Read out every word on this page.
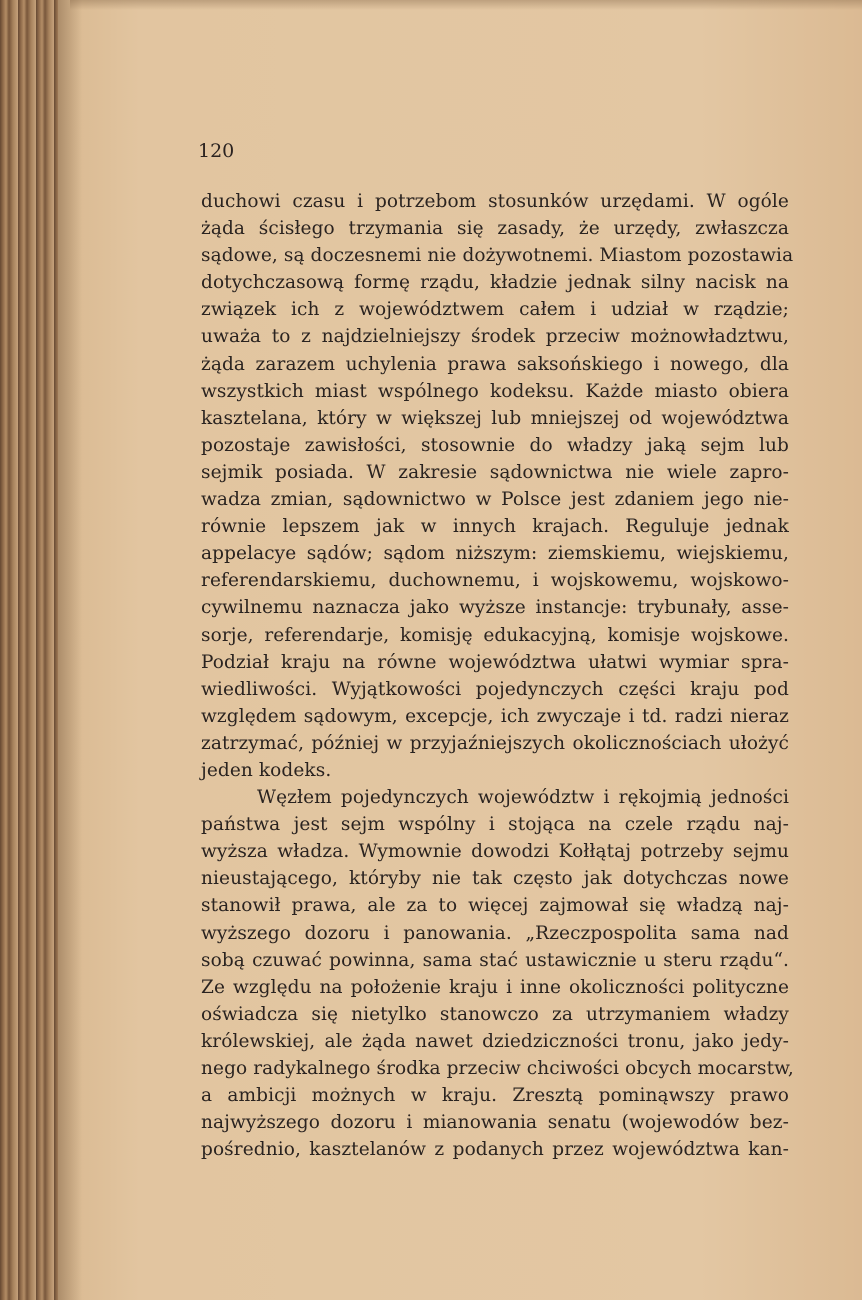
120
duchowi czasu i potrzebom stosunków urzędami. W ogóle
żąda ścisłego trzymania się zasady, że urzędy, zwłaszcza
sądowe, są doczesnemi nie dożywotnemi. Miastom pozostawia
dotychczasową formę rządu, kładzie jednak silny nacisk na
związek ich z województwem całem i udział w rządzie;
uważa to z najdzielniejszy środek przeciw możnowładztwu,
żąda zarazem uchylenia prawa saksońskiego i nowego, dla
wszystkich miast wspólnego kodeksu. Każde miasto obiera
kasztelana, który w większej lub mniejszej od województwa
pozostaje zawisłości, stosownie do władzy jaką sejm lub
sejmik posiada. W zakresie sądownictwa nie wiele zapro-
wadza zmian, sądownictwo w Polsce jest zdaniem jego nie-
równie lepszem jak w innych krajach. Reguluje jednak
appelacye sądów; sądom niższym: ziemskiemu, wiejskiemu,
referendarskiemu, duchownemu, i wojskowemu, wojskowo-
cywilnemu naznacza jako wyższe instancje: trybunały, asse-
sorje, referendarje, komisję edukacyjną, komisje wojskowe.
Podział kraju na równe województwa ułatwi wymiar spra-
wiedliwości. Wyjątkowości pojedynczych części kraju pod
względem sądowym, excepcje, ich zwyczaje i td. radzi nieraz
zatrzymać, później w przyjaźniejszych okolicznościach ułożyć
jeden kodeks.
Węzłem pojedynczych województw i rękojmią jedności
państwa jest sejm wspólny i stojąca na czele rządu naj-
wyższa władza. Wymownie dowodzi Kołłątaj potrzeby sejmu
nieustającego, któryby nie tak często jak dotychczas nowe
stanowił prawa, ale za to więcej zajmował się władzą naj-
wyższego dozoru i panowania. „Rzeczpospolita sama nad
sobą czuwać powinna, sama stać ustawicznie u steru rządu“.
Ze względu na położenie kraju i inne okoliczności polityczne
oświadcza się nietylko stanowczo za utrzymaniem władzy
królewskiej, ale żąda nawet dziedziczności tronu, jako jedy-
nego radykalnego środka przeciw chciwości obcych mocarstw,
a ambicji możnych w kraju. Zresztą pominąwszy prawo
najwyższego dozoru i mianowania senatu (wojewodów bez-
pośrednio, kasztelanów z podanych przez województwa kan-
